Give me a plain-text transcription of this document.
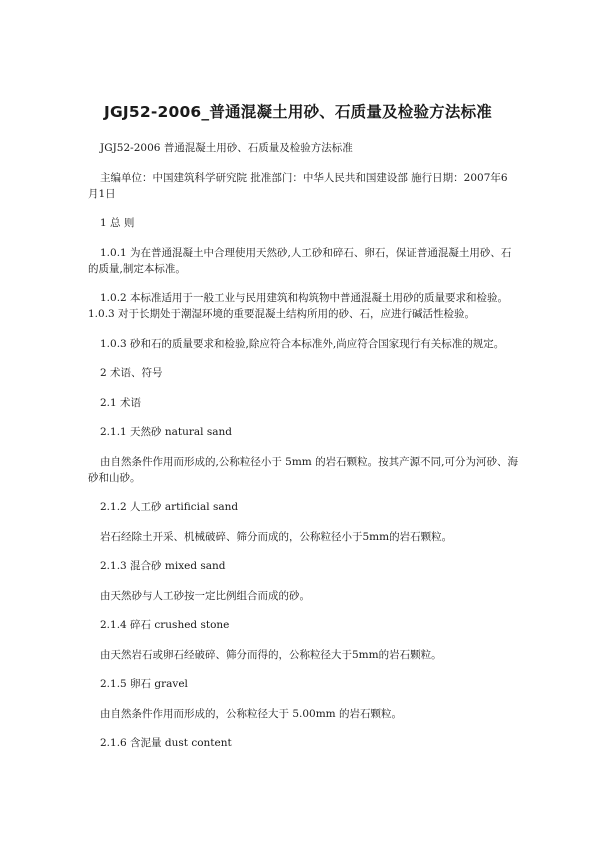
JGJ52-2006_普通混凝土用砂、石质量及检验方法标准

JGJ52-2006 普通混凝土用砂、石质量及检验方法标准

主编单位：中国建筑科学研究院 批准部门：中华人民共和国建设部 施行日期：2007年6月1日

1 总 则

1.0.1 为在普通混凝土中合理使用天然砂,人工砂和碎石、卵石，保证普通混凝土用砂、石的质量,制定本标准。

1.0.2 本标准适用于一般工业与民用建筑和构筑物中普通混凝土用砂的质量要求和检验。 1.0.3 对于长期处于潮湿环境的重要混凝土结构所用的砂、石，应进行碱活性检验。

1.0.3 砂和石的质量要求和检验,除应符合本标准外,尚应符合国家现行有关标准的规定。

2 术语、符号

2.1 术语

2.1.1 天然砂 natural sand

由自然条件作用而形成的,公称粒径小于 5mm 的岩石颗粒。按其产源不同,可分为河砂、海砂和山砂。

2.1.2 人工砂 artificial sand

岩石经除土开采、机械破碎、筛分而成的，公称粒径小于5mm的岩石颗粒。

2.1.3 混合砂 mixed sand

由天然砂与人工砂按一定比例组合而成的砂。

2.1.4 碎石 crushed stone

由天然岩石或卵石经破碎、筛分而得的，公称粒径大于5mm的岩石颗粒。

2.1.5 卵石 gravel

由自然条件作用而形成的，公称粒径大于 5.00mm 的岩石颗粒。

2.1.6 含泥量 dust content
